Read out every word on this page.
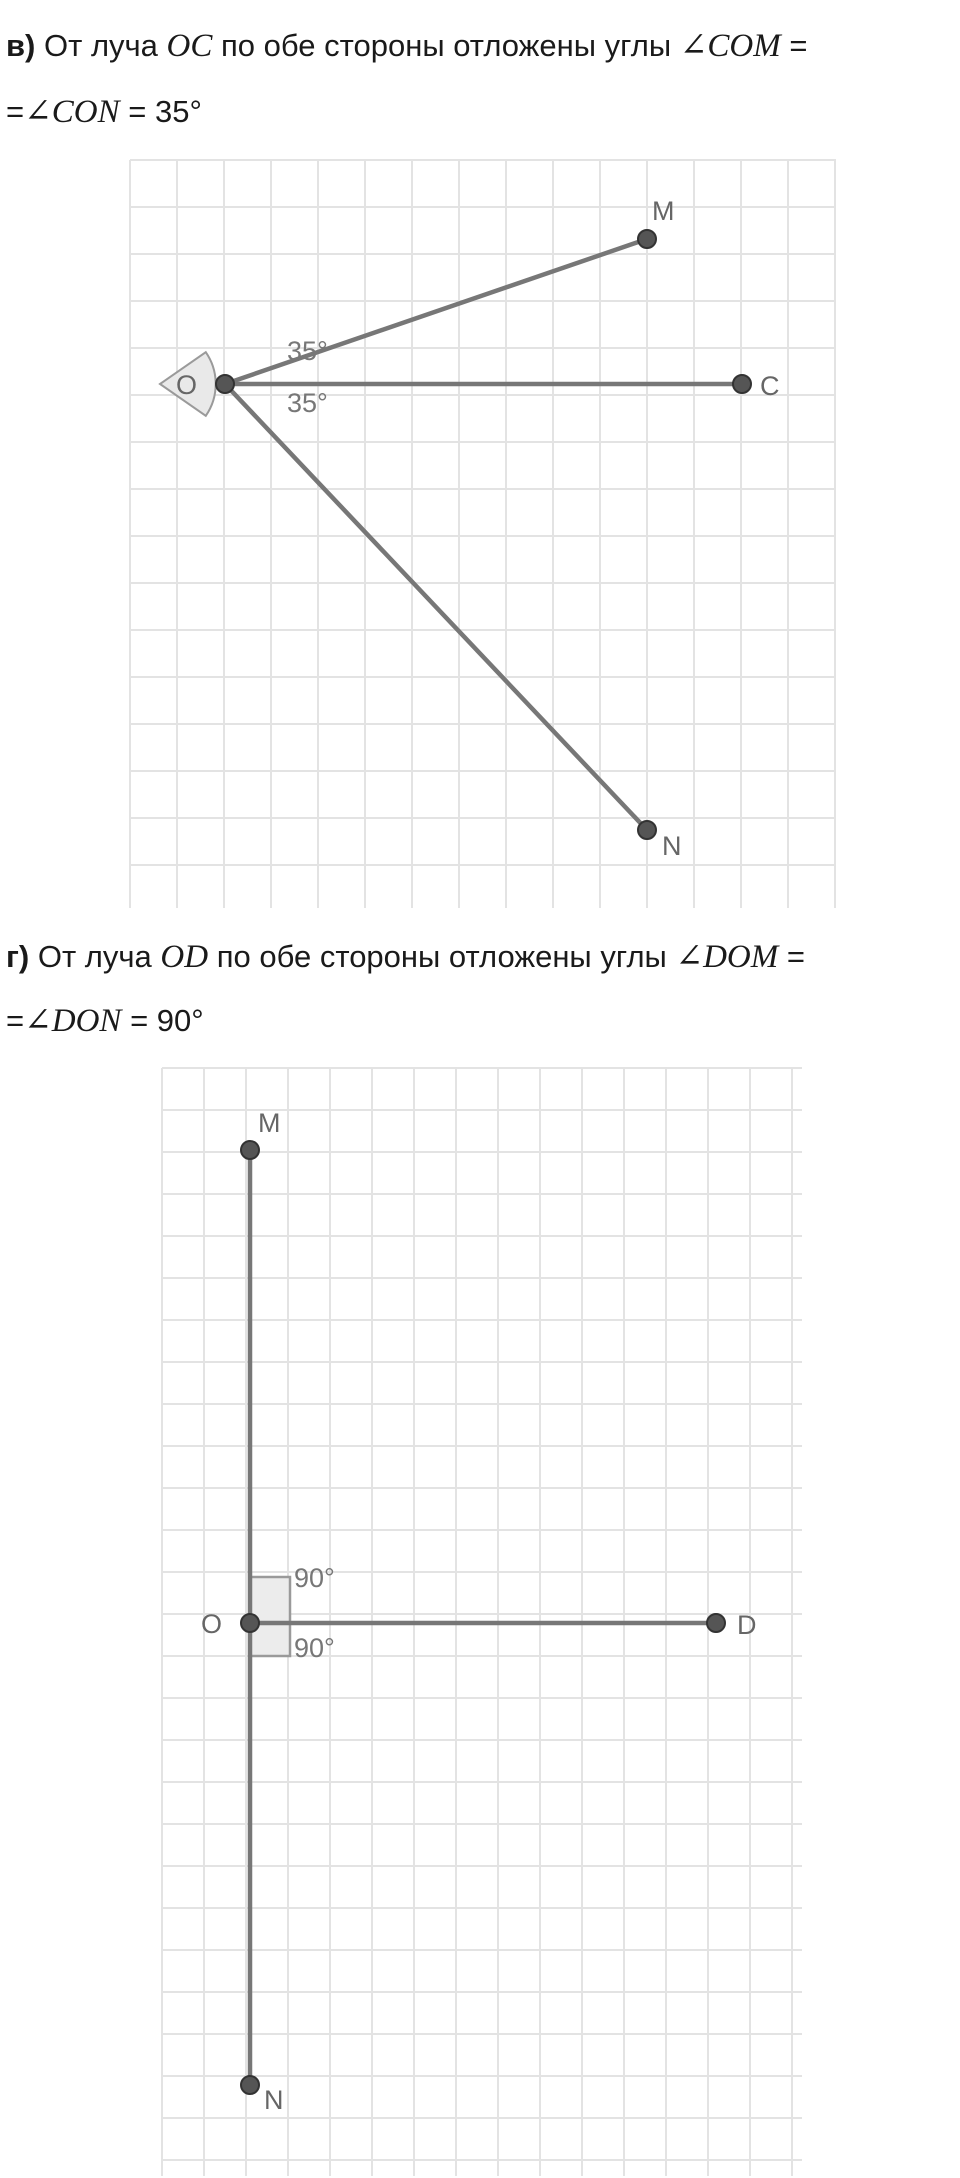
в) От луча OC по обе стороны отложены углы ∠COM =
=∠CON = 35°
O
M
C
N
35°
35°
г) От луча OD по обе стороны отложены углы ∠DOM =
=∠DON = 90°
M
O	D
N
90°
90°
